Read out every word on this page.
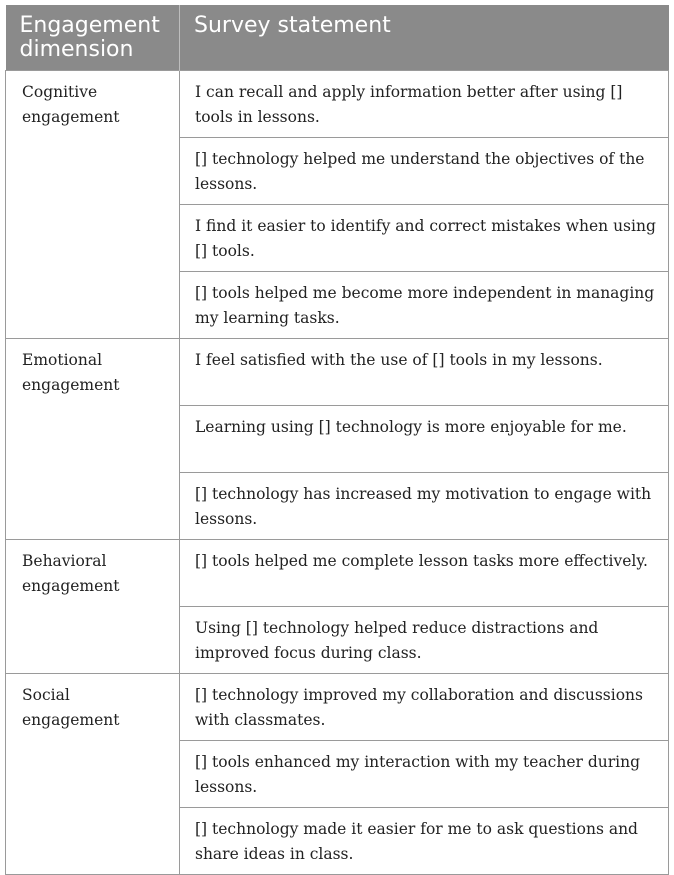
Engagement dimension	Survey statement
Cognitive engagement	I can recall and apply information better after using [] tools in lessons.
	[] technology helped me understand the objectives of the lessons.
	I find it easier to identify and correct mistakes when using [] tools.
	[] tools helped me become more independent in managing my learning tasks.
Emotional engagement	I feel satisfied with the use of [] tools in my lessons.
	Learning using [] technology is more enjoyable for me.
	[] technology has increased my motivation to engage with lessons.
Behavioral engagement	[] tools helped me complete lesson tasks more effectively.
	Using [] technology helped reduce distractions and improved focus during class.
Social engagement	[] technology improved my collaboration and discussions with classmates.
	[] tools enhanced my interaction with my teacher during lessons.
	[] technology made it easier for me to ask questions and share ideas in class.
